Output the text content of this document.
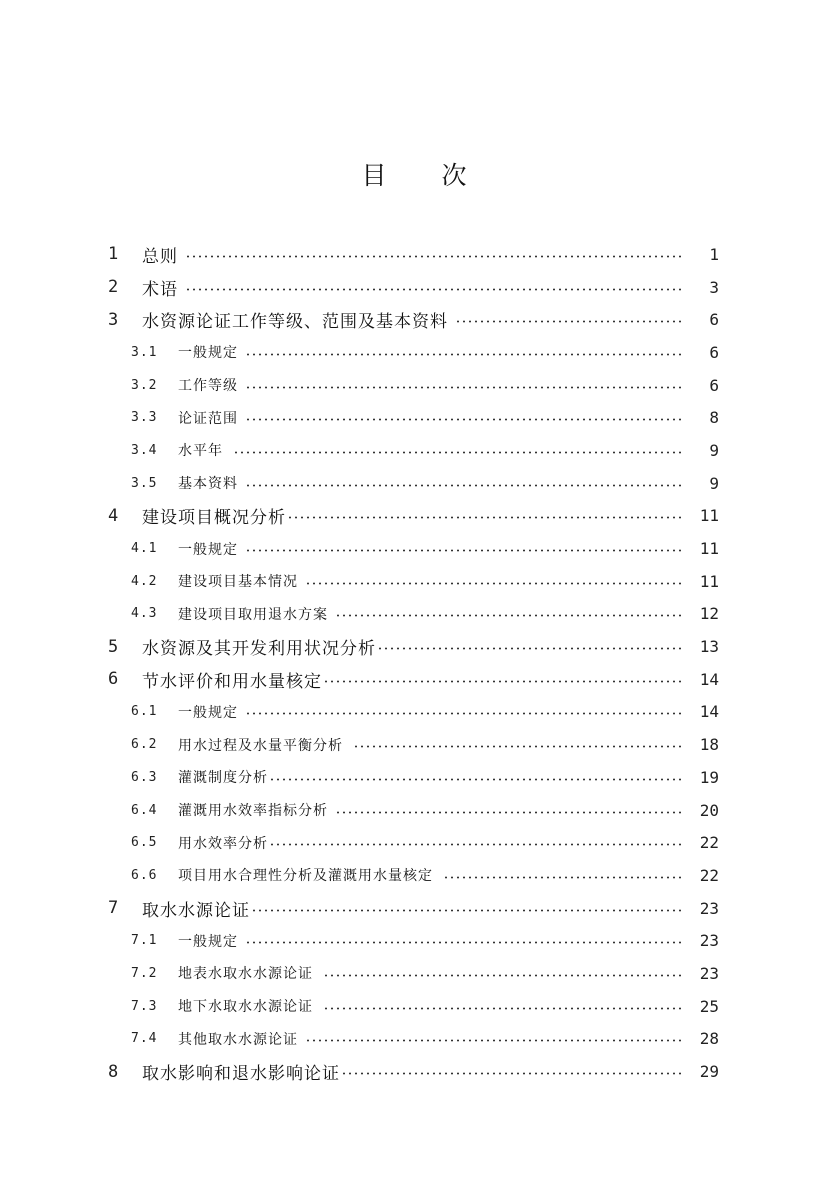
目 次
1 总则	1
2 术语	3
3 水资源论证工作等级、范围及基本资料	6
3.1 一般规定	6
3.2 工作等级	6
3.3 论证范围	8
3.4 水平年	9
3.5 基本资料	9
4 建设项目概况分析	11
4.1 一般规定	11
4.2 建设项目基本情况	11
4.3 建设项目取用退水方案	12
5 水资源及其开发利用状况分析	13
6 节水评价和用水量核定	14
6.1 一般规定	14
6.2 用水过程及水量平衡分析	18
6.3 灌溉制度分析	19
6.4 灌溉用水效率指标分析	20
6.5 用水效率分析	22
6.6 项目用水合理性分析及灌溉用水量核定	22
7 取水水源论证	23
7.1 一般规定	23
7.2 地表水取水水源论证	23
7.3 地下水取水水源论证	25
7.4 其他取水水源论证	28
8 取水影响和退水影响论证	29
